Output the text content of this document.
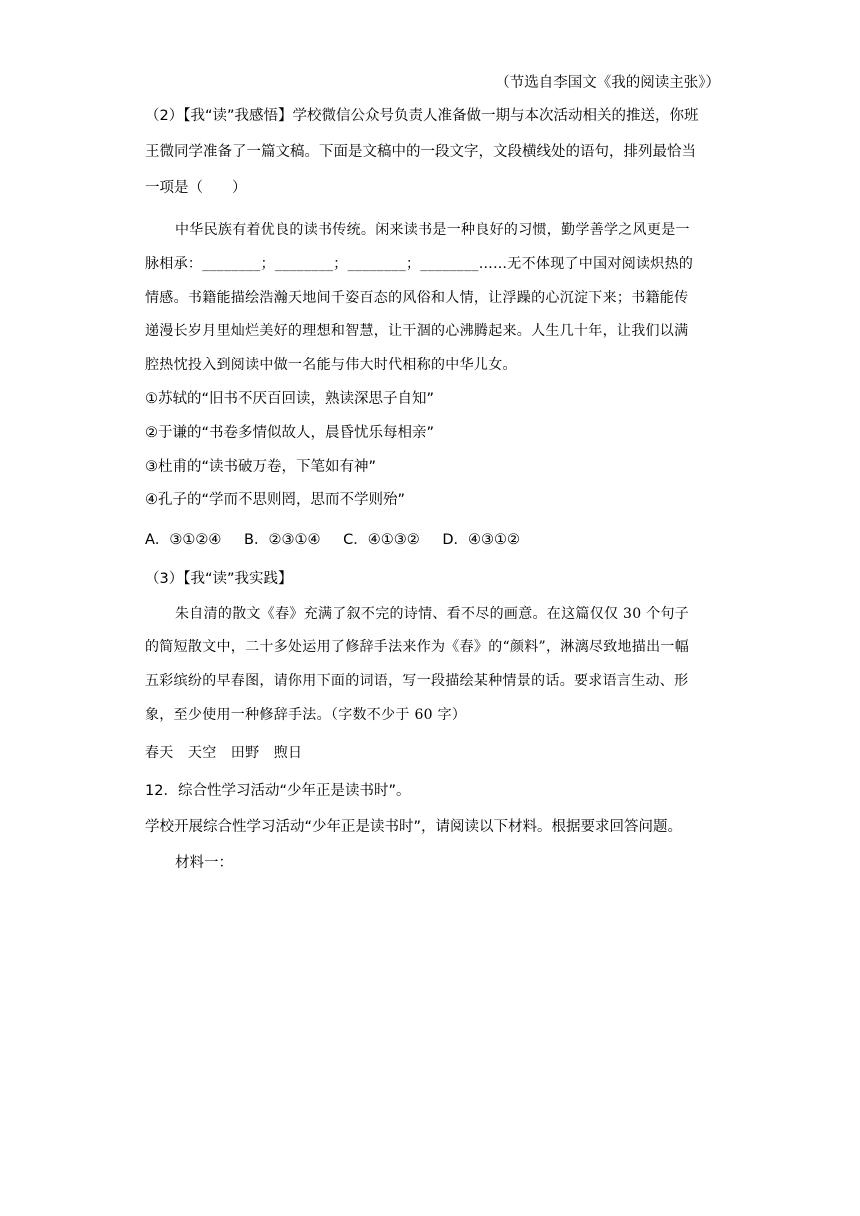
（节选自李国文《我的阅读主张》）
（2）【我“读”我感悟】学校微信公众号负责人准备做一期与本次活动相关的推送，你班
王微同学准备了一篇文稿。下面是文稿中的一段文字，文段横线处的语句，排列最恰当
一项是（　　）
中华民族有着优良的读书传统。闲来读书是一种良好的习惯，勤学善学之风更是一
脉相承：________；________；________；________……无不体现了中国对阅读炽热的
情感。书籍能描绘浩瀚天地间千姿百态的风俗和人情，让浮躁的心沉淀下来；书籍能传
递漫长岁月里灿烂美好的理想和智慧，让干涸的心沸腾起来。人生几十年，让我们以满
腔热忱投入到阅读中做一名能与伟大时代相称的中华儿女。
①苏轼的“旧书不厌百回读，熟读深思子自知”
②于谦的“书卷多情似故人，晨昏忧乐每相亲”
③杜甫的“读书破万卷，下笔如有神”
④孔子的“学而不思则罔，思而不学则殆”
A．③①②④ B．②③①④ C．④①③② D．④③①②
（3）【我“读”我实践】
朱自清的散文《春》充满了叙不完的诗情、看不尽的画意。在这篇仅仅 30 个句子
的简短散文中，二十多处运用了修辞手法来作为《春》的“颜料”，淋漓尽致地描出一幅
五彩缤纷的早春图，请你用下面的词语，写一段描绘某种情景的话。要求语言生动、形
象，至少使用一种修辞手法。（字数不少于 60 字）
春天　天空　田野　煦日
12．综合性学习活动“少年正是读书时”。
学校开展综合性学习活动“少年正是读书时”，请阅读以下材料。根据要求回答问题。
材料一：
